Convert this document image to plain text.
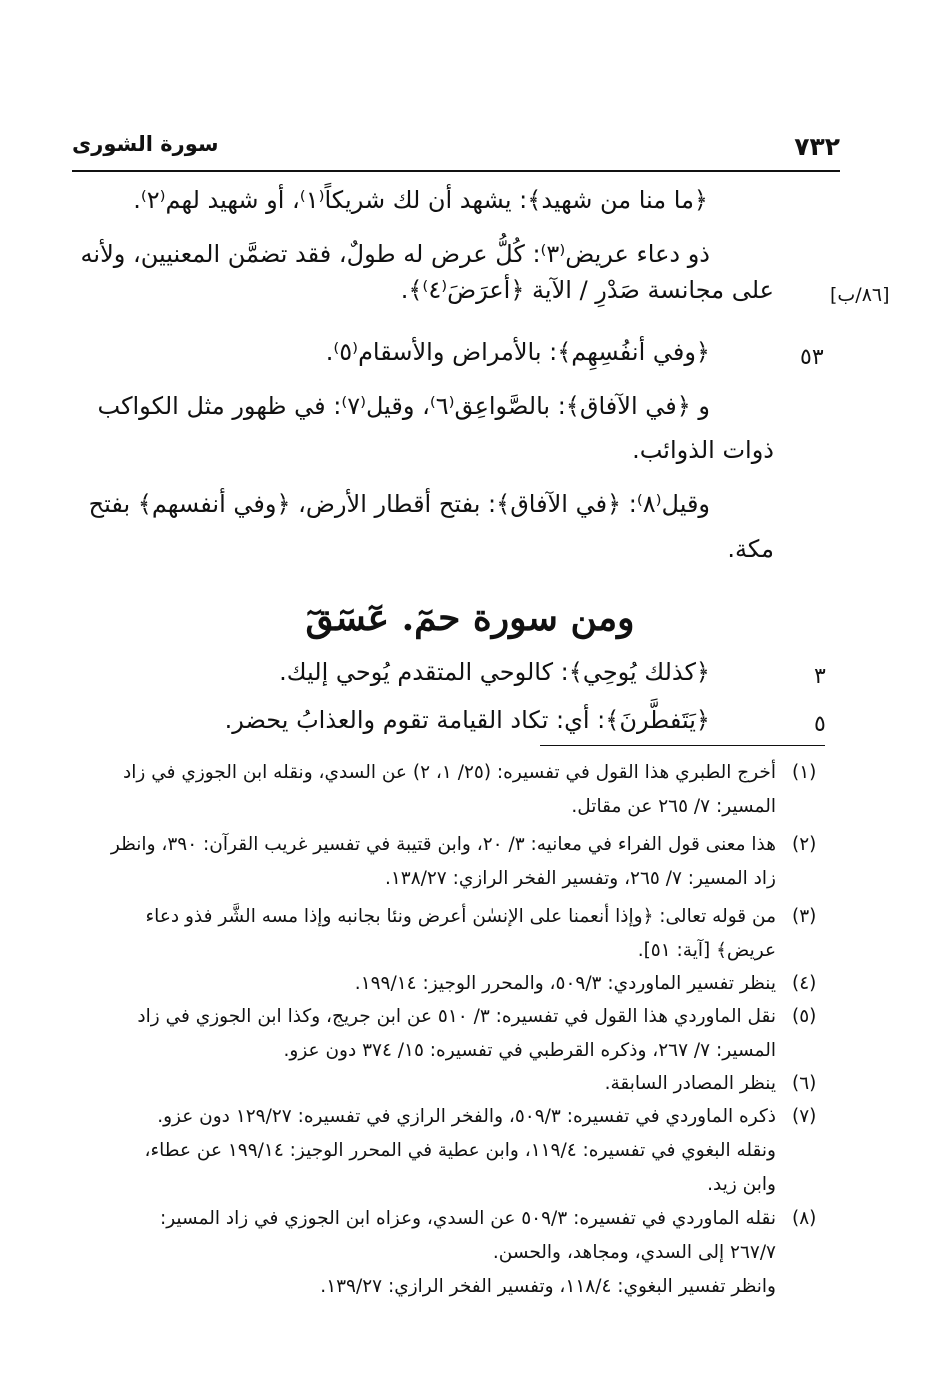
٧٣٢
سورة الشورى
﴿ما منا من شهيد﴾: يشهد أن لك شريكاً⁽١⁾، أو شهيد لهم⁽٢⁾.
ذو دعاء عريض⁽٣⁾: كُلُّ عرض له طولٌ، فقد تضمَّن المعنيين، ولأنه
على مجانسة صَدْرِ / الآية ﴿أعرَضَ⁽٤⁾﴾.	[٨٦/ب]
٥٣
﴿وفي أنفُسِهِم﴾: بالأمراض والأسقام⁽٥⁾.
و ﴿في الآفاق﴾: بالصَّواعِق⁽٦⁾، وقيل⁽٧⁾: في ظهور مثل الكواكب
ذوات الذوائب.
وقيل⁽٨⁾: ﴿في الآفاق﴾: بفتح أقطار الأرض، ﴿وفي أنفسهم﴾ بفتح
مكة.
ومن سورة حمٓ. عٓسٓقٓ
٣
﴿كذلك يُوحِي﴾: كالوحي المتقدم يُوحي إليك.
٥
﴿يَتَفطَّرنَ﴾: أي: تكاد القيامة تقوم والعذابُ يحضر.
(١)
أخرج الطبري هذا القول في تفسيره: (٢٥/ ١، ٢) عن السدي، ونقله ابن الجوزي في زاد
المسير: ٧/ ٢٦٥ عن مقاتل.
(٢)
هذا معنى قول الفراء في معانيه: ٣/ ٢٠، وابن قتيبة في تفسير غريب القرآن: ٣٩٠، وانظر
زاد المسير: ٧/ ٢٦٥، وتفسير الفخر الرازي: ١٣٨/٢٧.
(٣)
من قوله تعالى: ﴿وإذا أنعمنا على الإنسٰن أعرض ونئا بجانبه وإذا مسه الشَّر فذو دعاء
عريض﴾ [آية: ٥١].
(٤)
ينظر تفسير الماوردي: ٥٠٩/٣، والمحرر الوجيز: ١٩٩/١٤.
(٥)
نقل الماوردي هذا القول في تفسيره: ٣/ ٥١٠ عن ابن جريج، وكذا ابن الجوزي في زاد
المسير: ٧/ ٢٦٧، وذكره القرطبي في تفسيره: ١٥/ ٣٧٤ دون عزو.
(٦)
ينظر المصادر السابقة.
(٧)
ذكره الماوردي في تفسيره: ٥٠٩/٣، والفخر الرازي في تفسيره: ١٢٩/٢٧ دون عزو.
ونقله البغوي في تفسيره: ١١٩/٤، وابن عطية في المحرر الوجيز: ١٩٩/١٤ عن عطاء،
وابن زيد.
(٨)
نقله الماوردي في تفسيره: ٥٠٩/٣ عن السدي، وعزاه ابن الجوزي في زاد المسير:
٢٦٧/٧ إلى السدي، ومجاهد، والحسن.
وانظر تفسير البغوي: ١١٨/٤، وتفسير الفخر الرازي: ١٣٩/٢٧.
